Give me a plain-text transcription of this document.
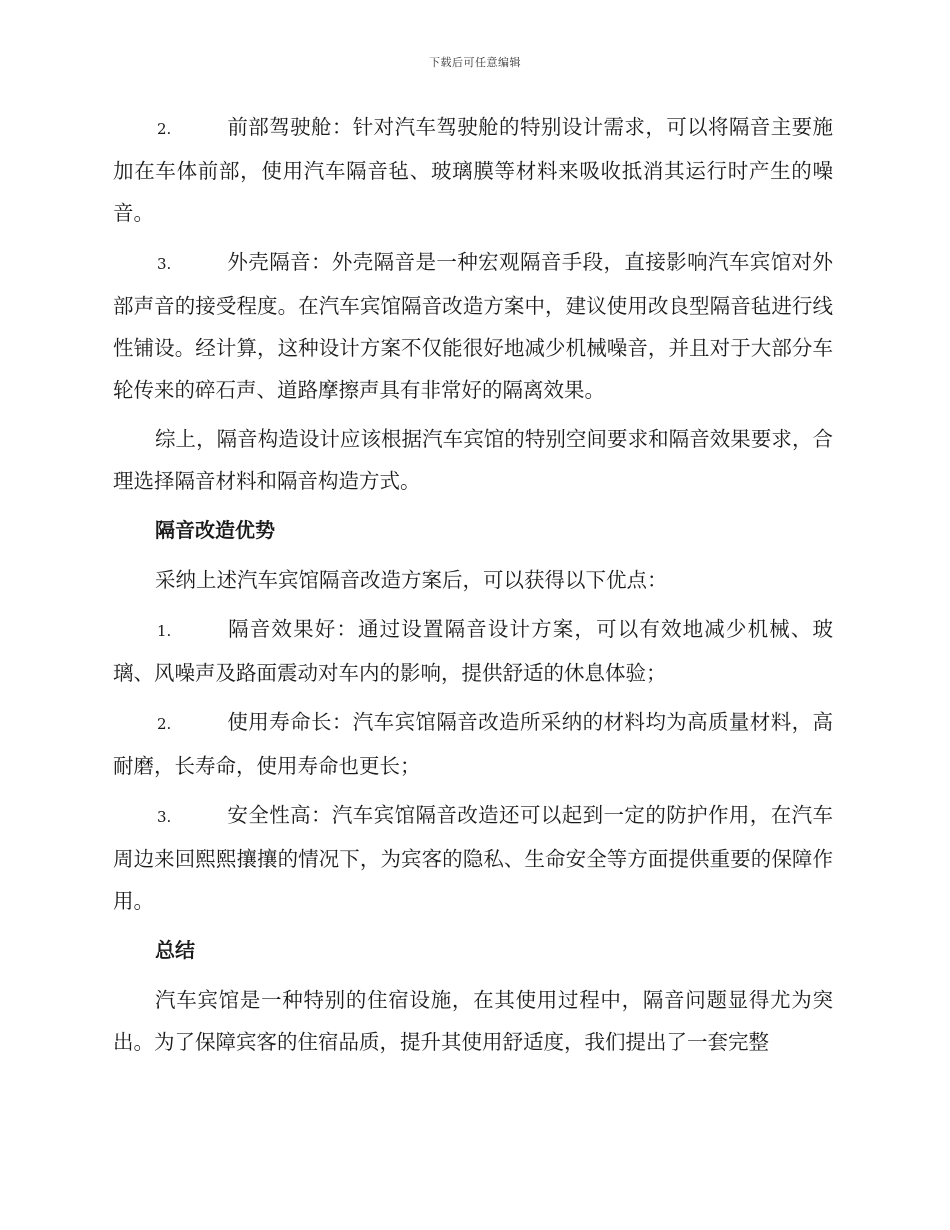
下载后可任意编辑

2.	前部驾驶舱：针对汽车驾驶舱的特别设计需求，可以将隔音主要施加在车体前部，使用汽车隔音毡、玻璃膜等材料来吸收抵消其运行时产生的噪音。

3.	外壳隔音：外壳隔音是一种宏观隔音手段，直接影响汽车宾馆对外部声音的接受程度。在汽车宾馆隔音改造方案中，建议使用改良型隔音毡进行线性铺设。经计算，这种设计方案不仅能很好地减少机械噪音，并且对于大部分车轮传来的碎石声、道路摩擦声具有非常好的隔离效果。

综上，隔音构造设计应该根据汽车宾馆的特别空间要求和隔音效果要求，合理选择隔音材料和隔音构造方式。

隔音改造优势

采纳上述汽车宾馆隔音改造方案后，可以获得以下优点：

1.	隔音效果好：通过设置隔音设计方案，可以有效地减少机械、玻璃、风噪声及路面震动对车内的影响，提供舒适的休息体验；

2.	使用寿命长：汽车宾馆隔音改造所采纳的材料均为高质量材料，高耐磨，长寿命，使用寿命也更长；

3.	安全性高：汽车宾馆隔音改造还可以起到一定的防护作用，在汽车周边来回熙熙攘攘的情况下，为宾客的隐私、生命安全等方面提供重要的保障作用。

总结

汽车宾馆是一种特别的住宿设施，在其使用过程中，隔音问题显得尤为突出。为了保障宾客的住宿品质，提升其使用舒适度，我们提出了一套完整
